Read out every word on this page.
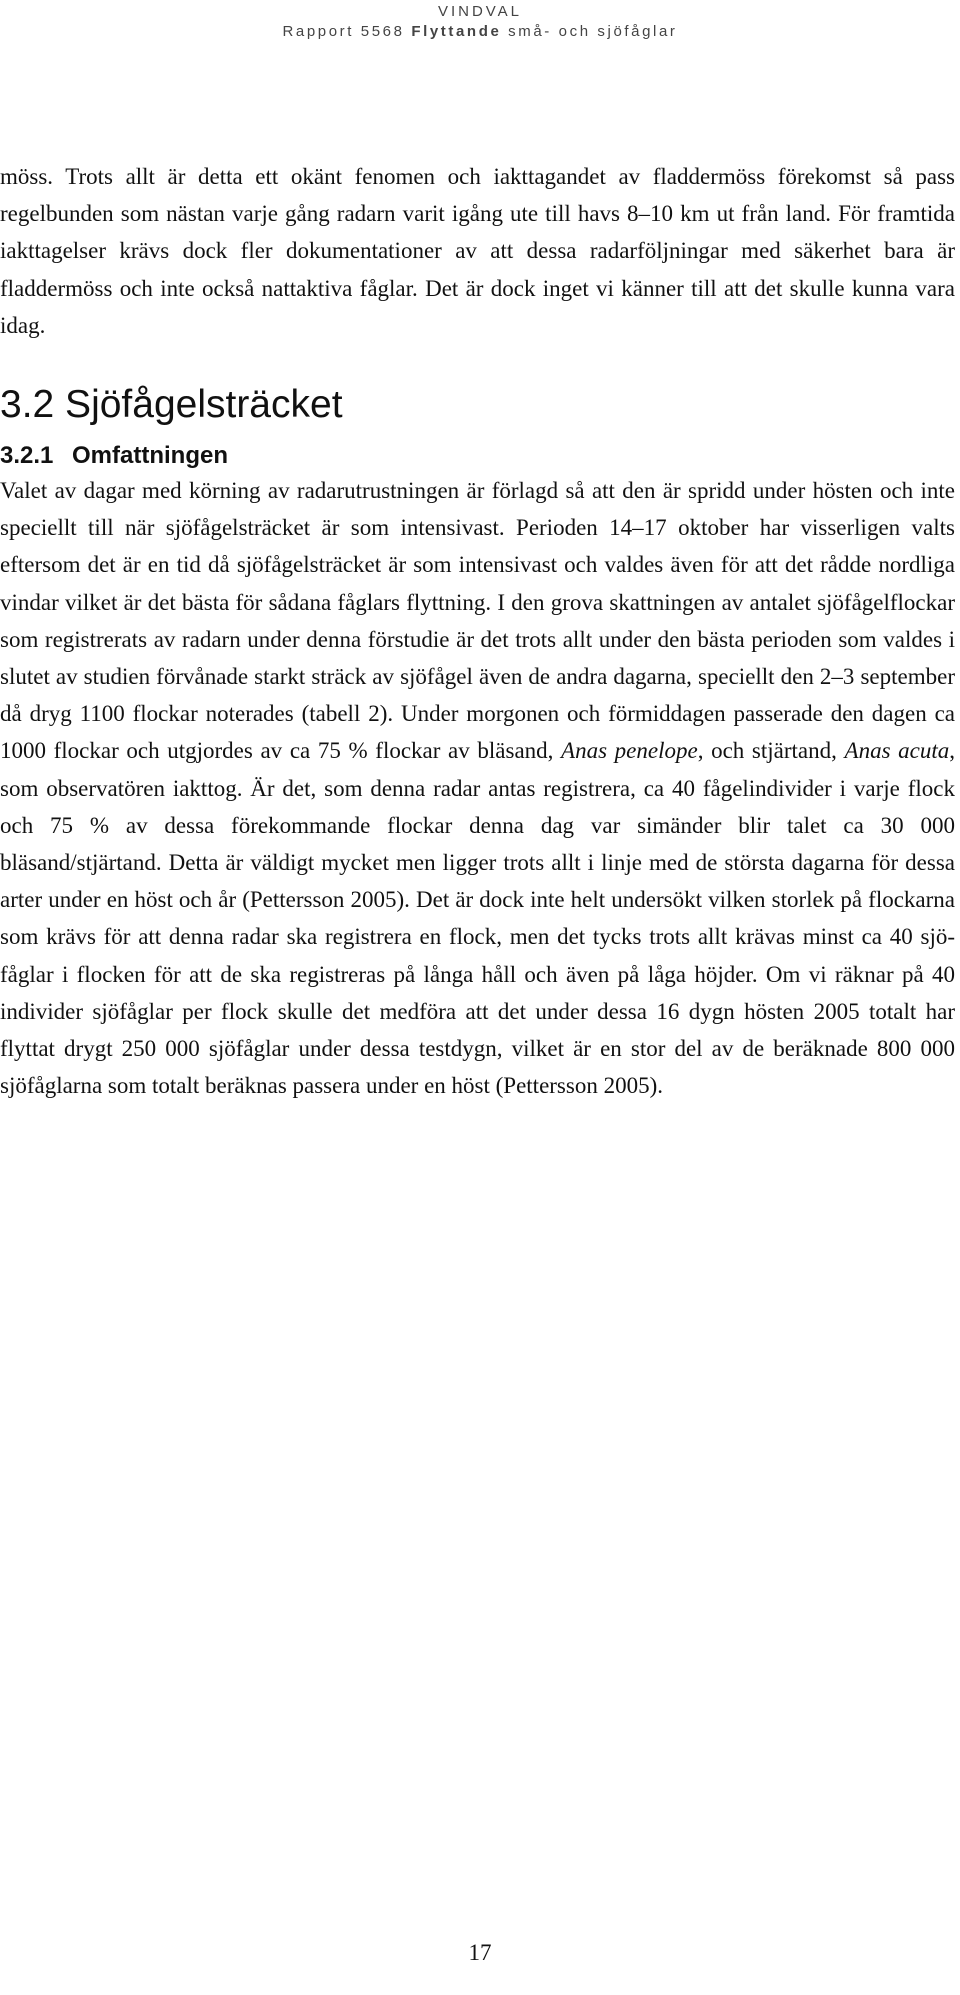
VINDVAL
Rapport 5568 Flyttande små- och sjöfåglar

möss. Trots allt är detta ett okänt fenomen och iakttagandet av fladdermöss förekomst så pass regelbunden som nästan varje gång radarn varit igång ute till havs 8–10 km ut från land. För framtida iakttagelser krävs dock fler dokumentationer av att dessa radarföljningar med säkerhet bara är fladdermöss och inte också nattaktiva fåglar. Det är dock inget vi känner till att det skulle kunna vara idag.

3.2 Sjöfågelsträcket
3.2.1 Omfattningen

Valet av dagar med körning av radarutrustningen är förlagd så att den är spridd under hösten och inte speciellt till när sjöfågelsträcket är som intensivast. Perioden 14–17 oktober har visserligen valts eftersom det är en tid då sjöfågelsträcket är som intensivast och valdes även för att det rådde nordliga vindar vilket är det bästa för sådana fåglars flyttning. I den grova skattningen av antalet sjöfågelflockar som registrerats av radarn under denna förstudie är det trots allt under den bästa perioden som valdes i slutet av studien förvånade starkt sträck av sjöfågel även de andra dagarna, speciellt den 2–3 september då dryg 1100 flockar noterades (tabell 2). Under morgonen och förmiddagen passerade den dagen ca 1000 flockar och utgjordes av ca 75 % flockar av bläsand, Anas penelope, och stjärtand, Anas acuta, som observatören iakttog. Är det, som denna radar antas registrera, ca 40 fågelindivider i varje flock och 75 % av dessa förekommande flockar denna dag var simänder blir talet ca 30 000 bläsand/stjärtand. Detta är väldigt mycket men ligger trots allt i linje med de största dagarna för dessa arter under en höst och år (Pettersson 2005). Det är dock inte helt undersökt vilken storlek på flockarna som krävs för att denna radar ska registrera en flock, men det tycks trots allt krävas minst ca 40 sjöfåglar i flocken för att de ska registreras på långa håll och även på låga höjder. Om vi räknar på 40 individer sjöfåglar per flock skulle det medföra att det under dessa 16 dygn hösten 2005 totalt har flyttat drygt 250 000 sjöfåglar under dessa testdygn, vilket är en stor del av de beräknade 800 000 sjöfåglarna som totalt beräknas passera under en höst (Pettersson 2005).

17
